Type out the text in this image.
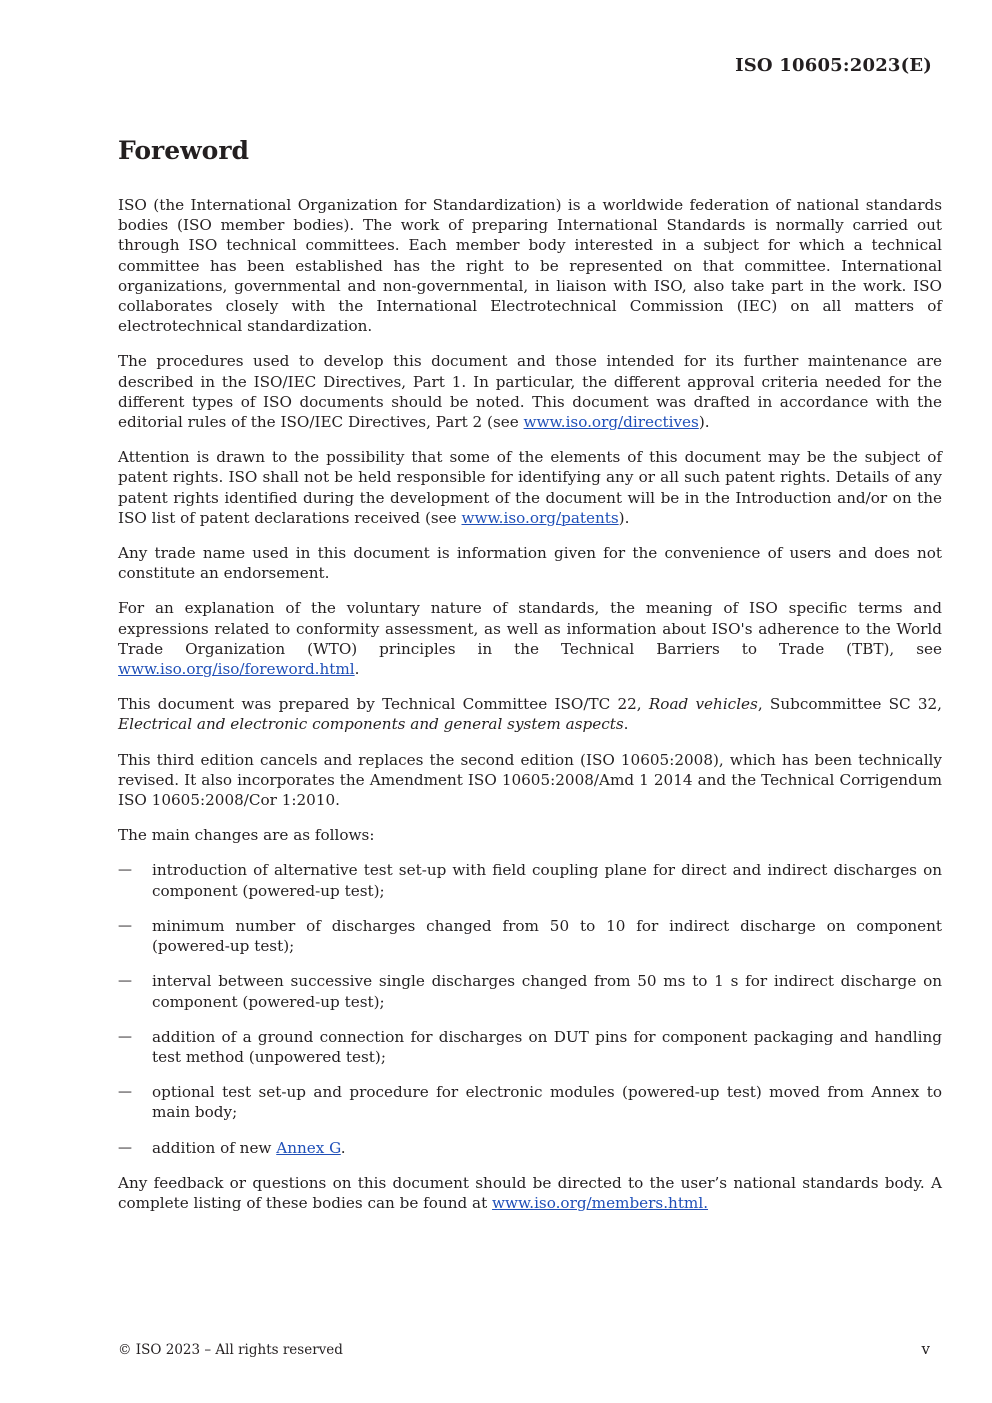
ISO 10605:2023(E)
Foreword

ISO (the International Organization for Standardization) is a worldwide federation of national standards bodies (ISO member bodies). The work of preparing International Standards is normally carried out through ISO technical committees. Each member body interested in a subject for which a technical committee has been established has the right to be represented on that committee. International organizations, governmental and non-governmental, in liaison with ISO, also take part in the work. ISO collaborates closely with the International Electrotechnical Commission (IEC) on all matters of electrotechnical standardization.

The procedures used to develop this document and those intended for its further maintenance are described in the ISO/IEC Directives, Part 1. In particular, the different approval criteria needed for the different types of ISO documents should be noted. This document was drafted in accordance with the editorial rules of the ISO/IEC Directives, Part 2 (see www.iso.org/directives).

Attention is drawn to the possibility that some of the elements of this document may be the subject of patent rights. ISO shall not be held responsible for identifying any or all such patent rights. Details of any patent rights identified during the development of the document will be in the Introduction and/or on the ISO list of patent declarations received (see www.iso.org/patents).

Any trade name used in this document is information given for the convenience of users and does not constitute an endorsement.

For an explanation of the voluntary nature of standards, the meaning of ISO specific terms and expressions related to conformity assessment, as well as information about ISO's adherence to the World Trade Organization (WTO) principles in the Technical Barriers to Trade (TBT), see www.iso.org/iso/foreword.html.

This document was prepared by Technical Committee ISO/TC 22, Road vehicles, Subcommittee SC 32, Electrical and electronic components and general system aspects.

This third edition cancels and replaces the second edition (ISO 10605:2008), which has been technically revised. It also incorporates the Amendment ISO 10605:2008/Amd 1 2014 and the Technical Corrigendum ISO 10605:2008/Cor 1:2010.

The main changes are as follows:

— introduction of alternative test set-up with field coupling plane for direct and indirect discharges on component (powered-up test);
— minimum number of discharges changed from 50 to 10 for indirect discharge on component (powered-up test);
— interval between successive single discharges changed from 50 ms to 1 s for indirect discharge on component (powered-up test);
— addition of a ground connection for discharges on DUT pins for component packaging and handling test method (unpowered test);
— optional test set-up and procedure for electronic modules (powered-up test) moved from Annex to main body;
— addition of new Annex G.

Any feedback or questions on this document should be directed to the user’s national standards body. A complete listing of these bodies can be found at www.iso.org/members.html.

© ISO 2023 – All rights reserved	v
